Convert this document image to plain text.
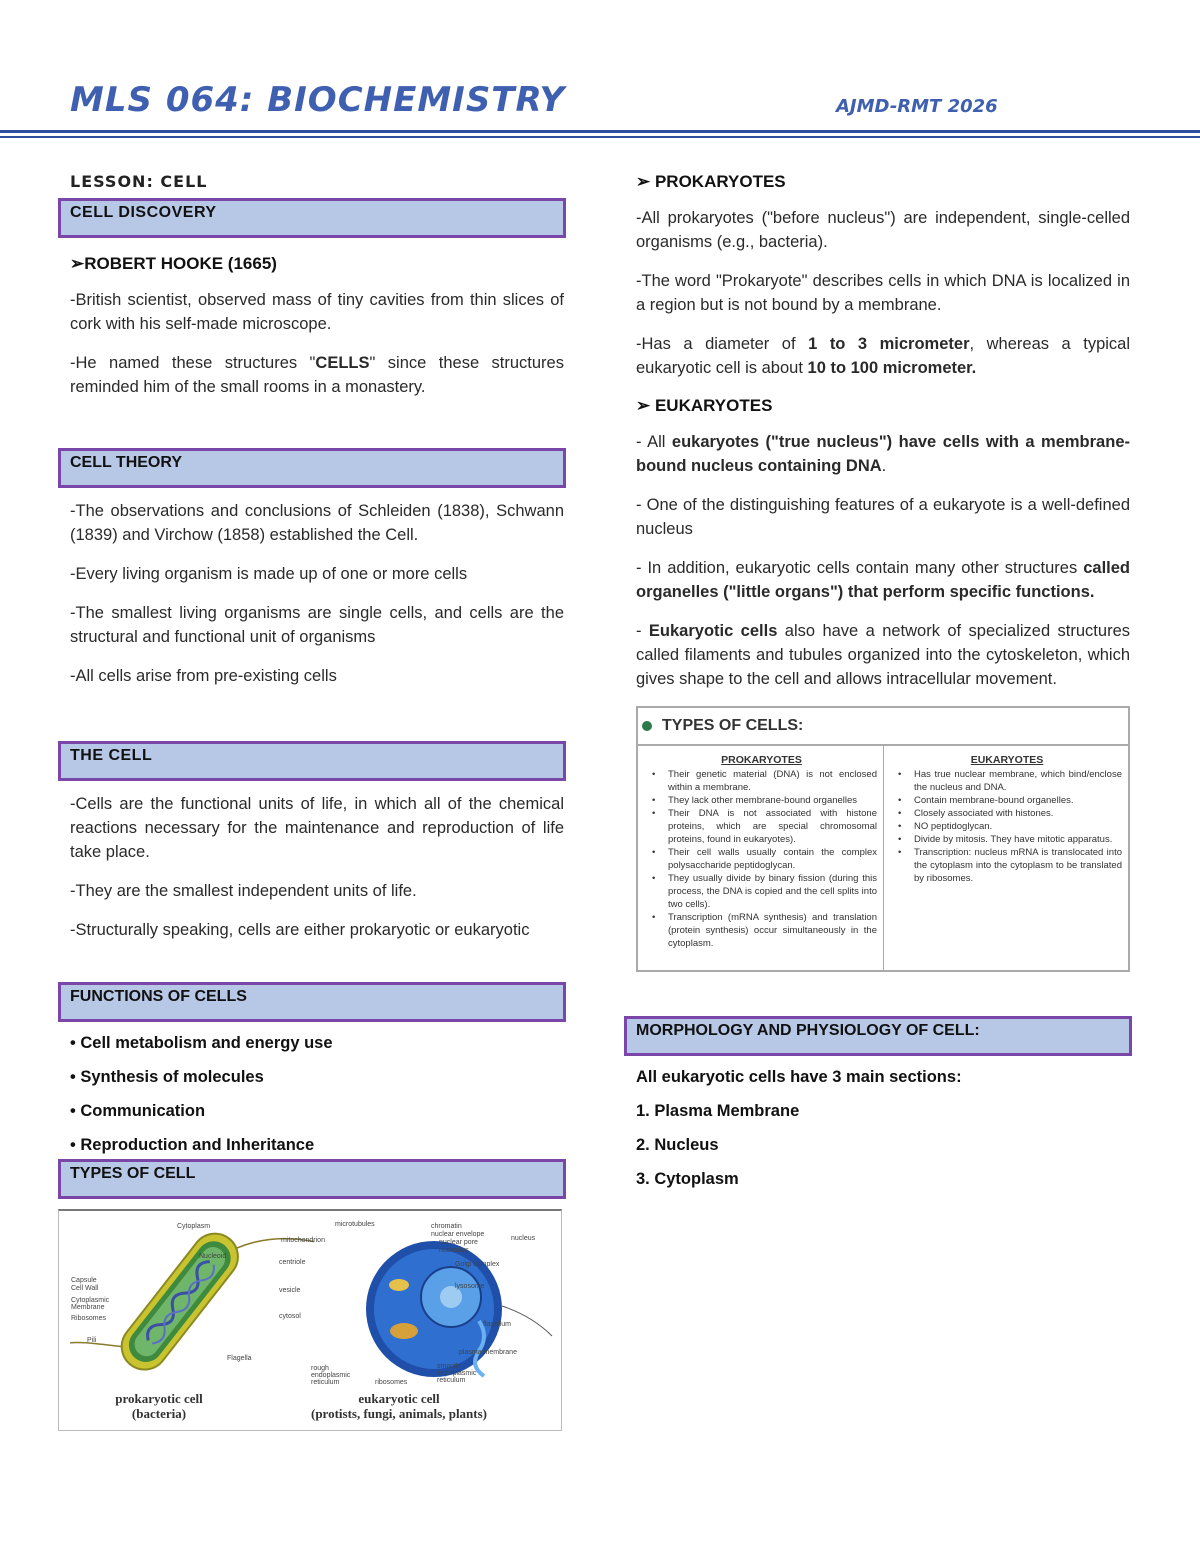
MLS 064: BIOCHEMISTRY	AJMD-RMT 2026
LESSON: CELL
CELL DISCOVERY
➢ROBERT HOOKE (1665)

-British scientist, observed mass of tiny cavities from thin slices of cork with his self-made microscope.

-He named these structures "CELLS" since these structures reminded him of the small rooms in a monastery.

CELL THEORY

-The observations and conclusions of Schleiden (1838), Schwann (1839) and Virchow (1858) established the Cell.

-Every living organism is made up of one or more cells

-The smallest living organisms are single cells, and cells are the structural and functional unit of organisms

-All cells arise from pre-existing cells

THE CELL

-Cells are the functional units of life, in which all of the chemical reactions necessary for the maintenance and reproduction of life take place.

-They are the smallest independent units of life.

-Structurally speaking, cells are either prokaryotic or eukaryotic

FUNCTIONS OF CELLS
• Cell metabolism and energy use
• Synthesis of molecules
• Communication
• Reproduction and Inheritance
TYPES OF CELL
Cytoplasm
Nucleoid
Capsule
Cell Wall
Cytoplasmic Membrane
Ribosomes
Pili
Flagella
microtubules	chromatin
nuclear envelope
nuclear pore
nucleolus
nucleus
mitochondrion
Golgi complex
centriole
lysosome
vesicle
cytosol
flagellum
plasma membrane
smooth endoplasmic reticulum
rough endoplasmic reticulum	ribosomes
prokaryotic cell
(bacteria)
eukaryotic cell
(protists, fungi, animals, plants)
➢ PROKARYOTES

-All prokaryotes ("before nucleus") are independent, single-celled organisms (e.g., bacteria).

-The word "Prokaryote" describes cells in which DNA is localized in a region but is not bound by a membrane.

-Has a diameter of 1 to 3 micrometer, whereas a typical eukaryotic cell is about 10 to 100 micrometer.

➢ EUKARYOTES

- All eukaryotes ("true nucleus") have cells with a membrane-bound nucleus containing DNA.

- One of the distinguishing features of a eukaryote is a well-defined nucleus

- In addition, eukaryotic cells contain many other structures called organelles ("little organs") that perform specific functions.

- Eukaryotic cells also have a network of specialized structures called filaments and tubules organized into the cytoskeleton, which gives shape to the cell and allows intracellular movement.

TYPES OF CELLS:
PROKARYOTES
• Their genetic material (DNA) is not enclosed within a membrane.
• They lack other membrane-bound organelles
• Their DNA is not associated with histone proteins, which are special chromosomal proteins, found in eukaryotes).
• Their cell walls usually contain the complex polysaccharide peptidoglycan.
• They usually divide by binary fission (during this process, the DNA is copied and the cell splits into two cells).
• Transcription (mRNA synthesis) and translation (protein synthesis) occur simultaneously in the cytoplasm.
EUKARYOTES
• Has true nuclear membrane, which bind/enclose the nucleus and DNA.
• Contain membrane-bound organelles.
• Closely associated with histones.
• NO peptidoglycan.
• Divide by mitosis. They have mitotic apparatus.
• Transcription: nucleus mRNA is translocated into the cytoplasm into the cytoplasm to be translated by ribosomes.
MORPHOLOGY AND PHYSIOLOGY OF CELL:
All eukaryotic cells have 3 main sections:
1. Plasma Membrane
2. Nucleus
3. Cytoplasm
